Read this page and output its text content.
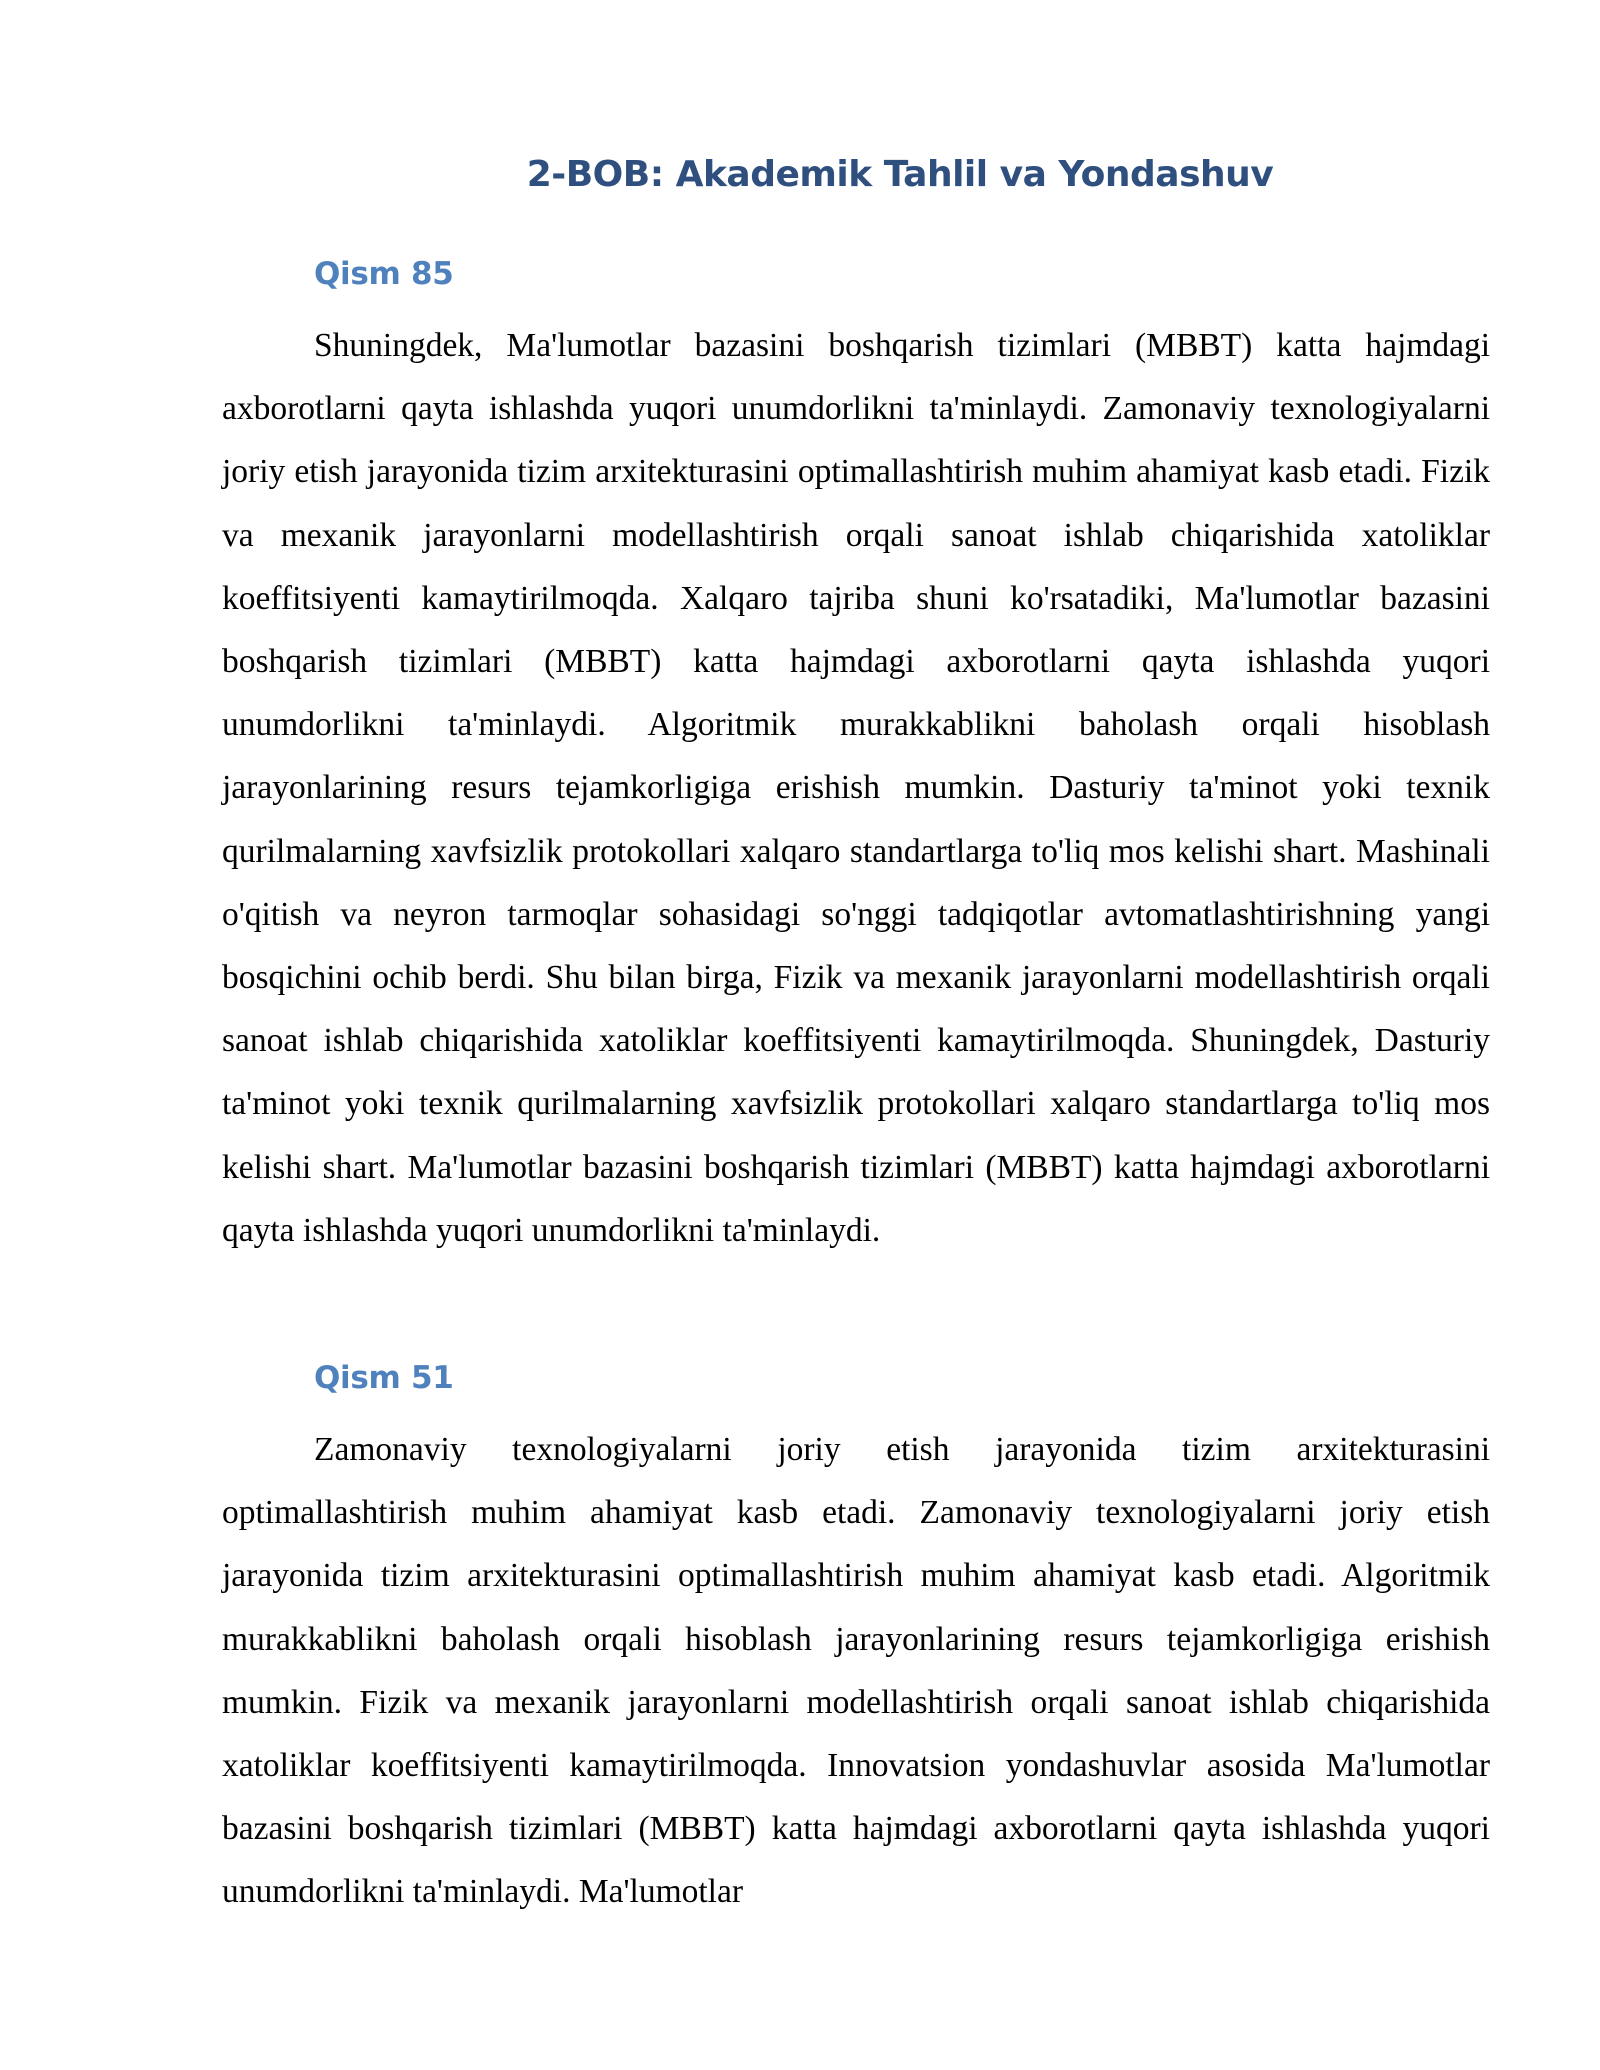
2-BOB: Akademik Tahlil va Yondashuv
Qism 85

Shuningdek, Ma'lumotlar bazasini boshqarish tizimlari (MBBT) katta hajmdagi axborotlarni qayta ishlashda yuqori unumdorlikni ta'minlaydi. Zamonaviy texnologiyalarni joriy etish jarayonida tizim arxitekturasini optimallashtirish muhim ahamiyat kasb etadi. Fizik va mexanik jarayonlarni modellashtirish orqali sanoat ishlab chiqarishida xatoliklar koeffitsiyenti kamaytirilmoqda. Xalqaro tajriba shuni ko'rsatadiki, Ma'lumotlar bazasini boshqarish tizimlari (MBBT) katta hajmdagi axborotlarni qayta ishlashda yuqori unumdorlikni ta'minlaydi. Algoritmik murakkablikni baholash orqali hisoblash jarayonlarining resurs tejamkorligiga erishish mumkin. Dasturiy ta'minot yoki texnik qurilmalarning xavfsizlik protokollari xalqaro standartlarga to'liq mos kelishi shart. Mashinali o'qitish va neyron tarmoqlar sohasidagi so'nggi tadqiqotlar avtomatlashtirishning yangi bosqichini ochib berdi. Shu bilan birga, Fizik va mexanik jarayonlarni modellashtirish orqali sanoat ishlab chiqarishida xatoliklar koeffitsiyenti kamaytirilmoqda. Shuningdek, Dasturiy ta'minot yoki texnik qurilmalarning xavfsizlik protokollari xalqaro standartlarga to'liq mos kelishi shart. Ma'lumotlar bazasini boshqarish tizimlari (MBBT) katta hajmdagi axborotlarni qayta ishlashda yuqori unumdorlikni ta'minlaydi.

Qism 51

Zamonaviy texnologiyalarni joriy etish jarayonida tizim arxitekturasini optimallashtirish muhim ahamiyat kasb etadi. Zamonaviy texnologiyalarni joriy etish jarayonida tizim arxitekturasini optimallashtirish muhim ahamiyat kasb etadi. Algoritmik murakkablikni baholash orqali hisoblash jarayonlarining resurs tejamkorligiga erishish mumkin. Fizik va mexanik jarayonlarni modellashtirish orqali sanoat ishlab chiqarishida xatoliklar koeffitsiyenti kamaytirilmoqda. Innovatsion yondashuvlar asosida Ma'lumotlar bazasini boshqarish tizimlari (MBBT) katta hajmdagi axborotlarni qayta ishlashda yuqori unumdorlikni ta'minlaydi. Ma'lumotlar
